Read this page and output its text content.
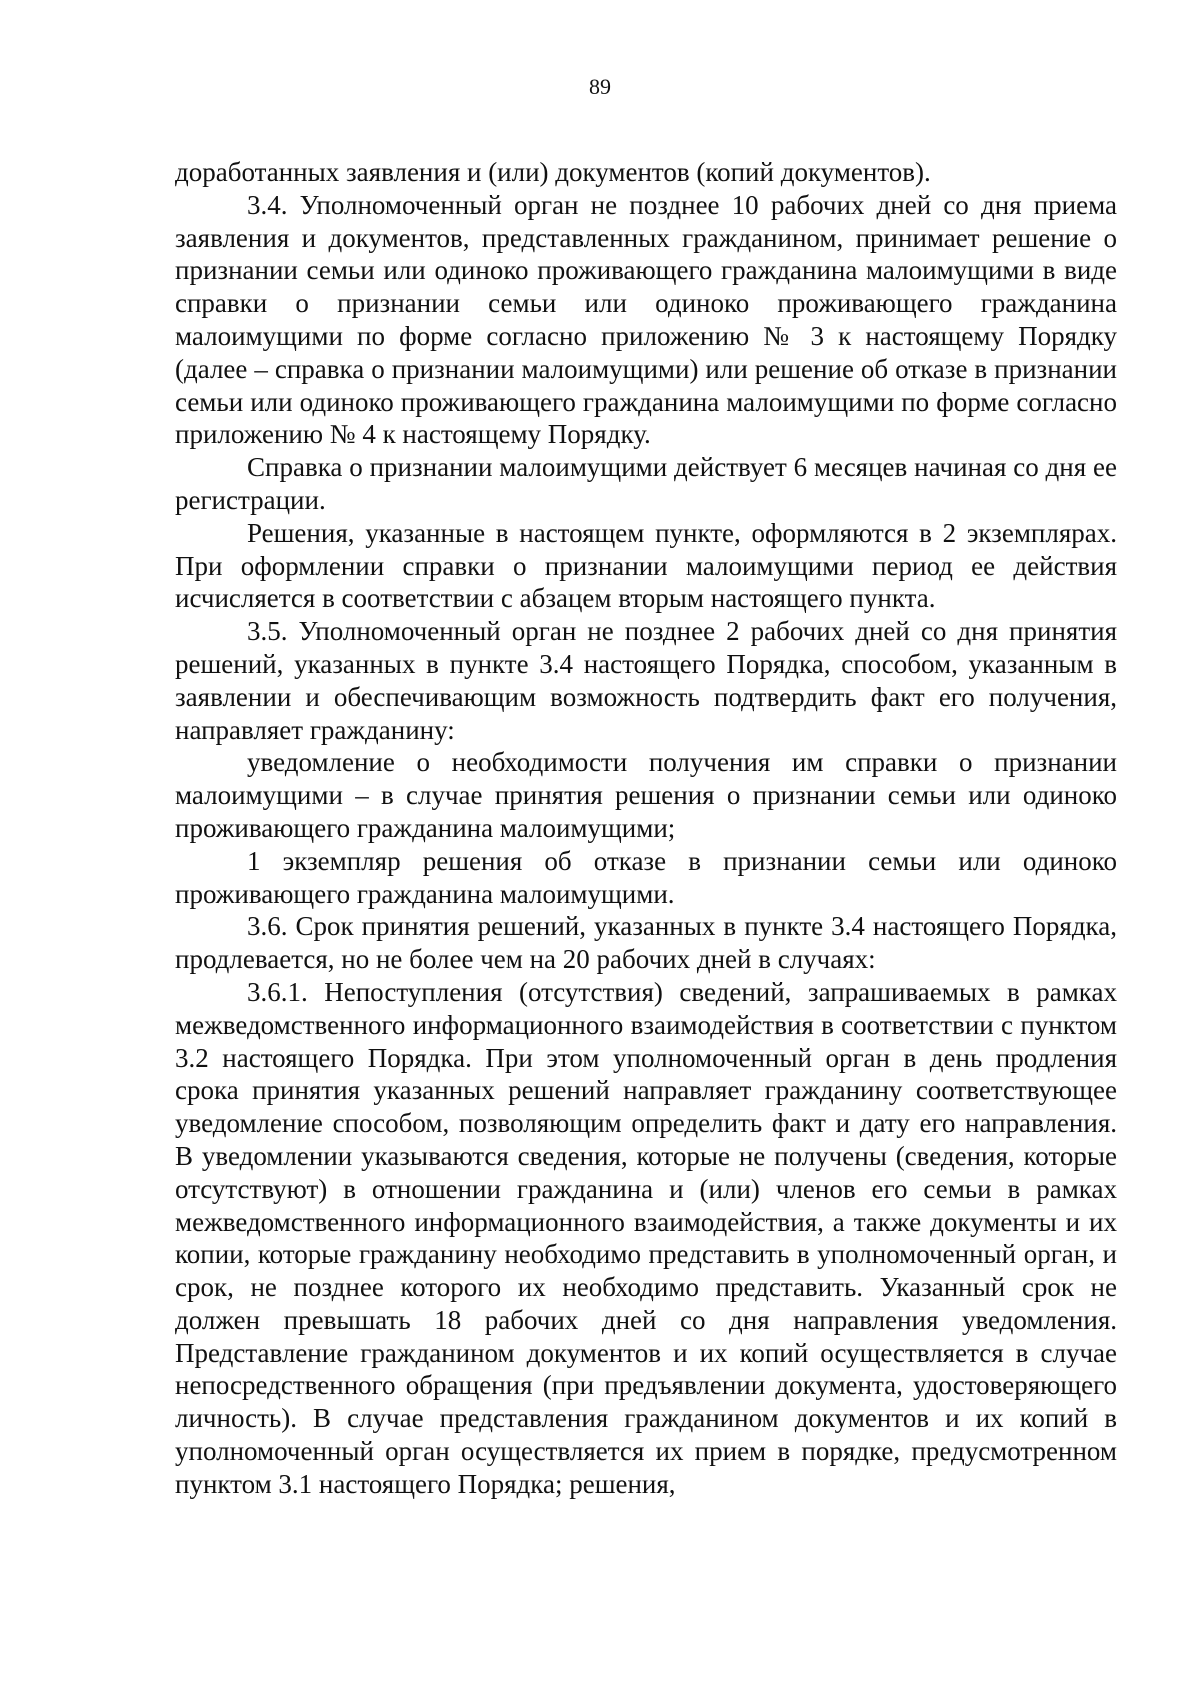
89

доработанных заявления и (или) документов (копий документов).

3.4. Уполномоченный орган не позднее 10 рабочих дней со дня приема заявления и документов, представленных гражданином, принимает решение о признании семьи или одиноко проживающего гражданина малоимущими в виде справки о признании семьи или одиноко проживающего гражданина малоимущими по форме согласно приложению № 3 к настоящему Порядку (далее – справка о признании малоимущими) или решение об отказе в признании семьи или одиноко проживающего гражданина малоимущими по форме согласно приложению № 4 к настоящему Порядку.

Справка о признании малоимущими действует 6 месяцев начиная со дня ее регистрации.

Решения, указанные в настоящем пункте, оформляются в 2 экземплярах. При оформлении справки о признании малоимущими период ее действия исчисляется в соответствии с абзацем вторым настоящего пункта.

3.5. Уполномоченный орган не позднее 2 рабочих дней со дня принятия решений, указанных в пункте 3.4 настоящего Порядка, способом, указанным в заявлении и обеспечивающим возможность подтвердить факт его получения, направляет гражданину:

уведомление о необходимости получения им справки о признании малоимущими – в случае принятия решения о признании семьи или одиноко проживающего гражданина малоимущими;

1 экземпляр решения об отказе в признании семьи или одиноко проживающего гражданина малоимущими.

3.6. Срок принятия решений, указанных в пункте 3.4 настоящего Порядка, продлевается, но не более чем на 20 рабочих дней в случаях:

3.6.1. Непоступления (отсутствия) сведений, запрашиваемых в рамках межведомственного информационного взаимодействия в соответствии с пунктом 3.2 настоящего Порядка. При этом уполномоченный орган в день продления срока принятия указанных решений направляет гражданину соответствующее уведомление способом, позволяющим определить факт и дату его направления. В уведомлении указываются сведения, которые не получены (сведения, которые отсутствуют) в отношении гражданина и (или) членов его семьи в рамках межведомственного информационного взаимодействия, а также документы и их копии, которые гражданину необходимо представить в уполномоченный орган, и срок, не позднее которого их необходимо представить. Указанный срок не должен превышать 18 рабочих дней со дня направления уведомления. Представление гражданином документов и их копий осуществляется в случае непосредственного обращения (при предъявлении документа, удостоверяющего личность). В случае представления гражданином документов и их копий в уполномоченный орган осуществляется их прием в порядке, предусмотренном пунктом 3.1 настоящего Порядка; решения,
